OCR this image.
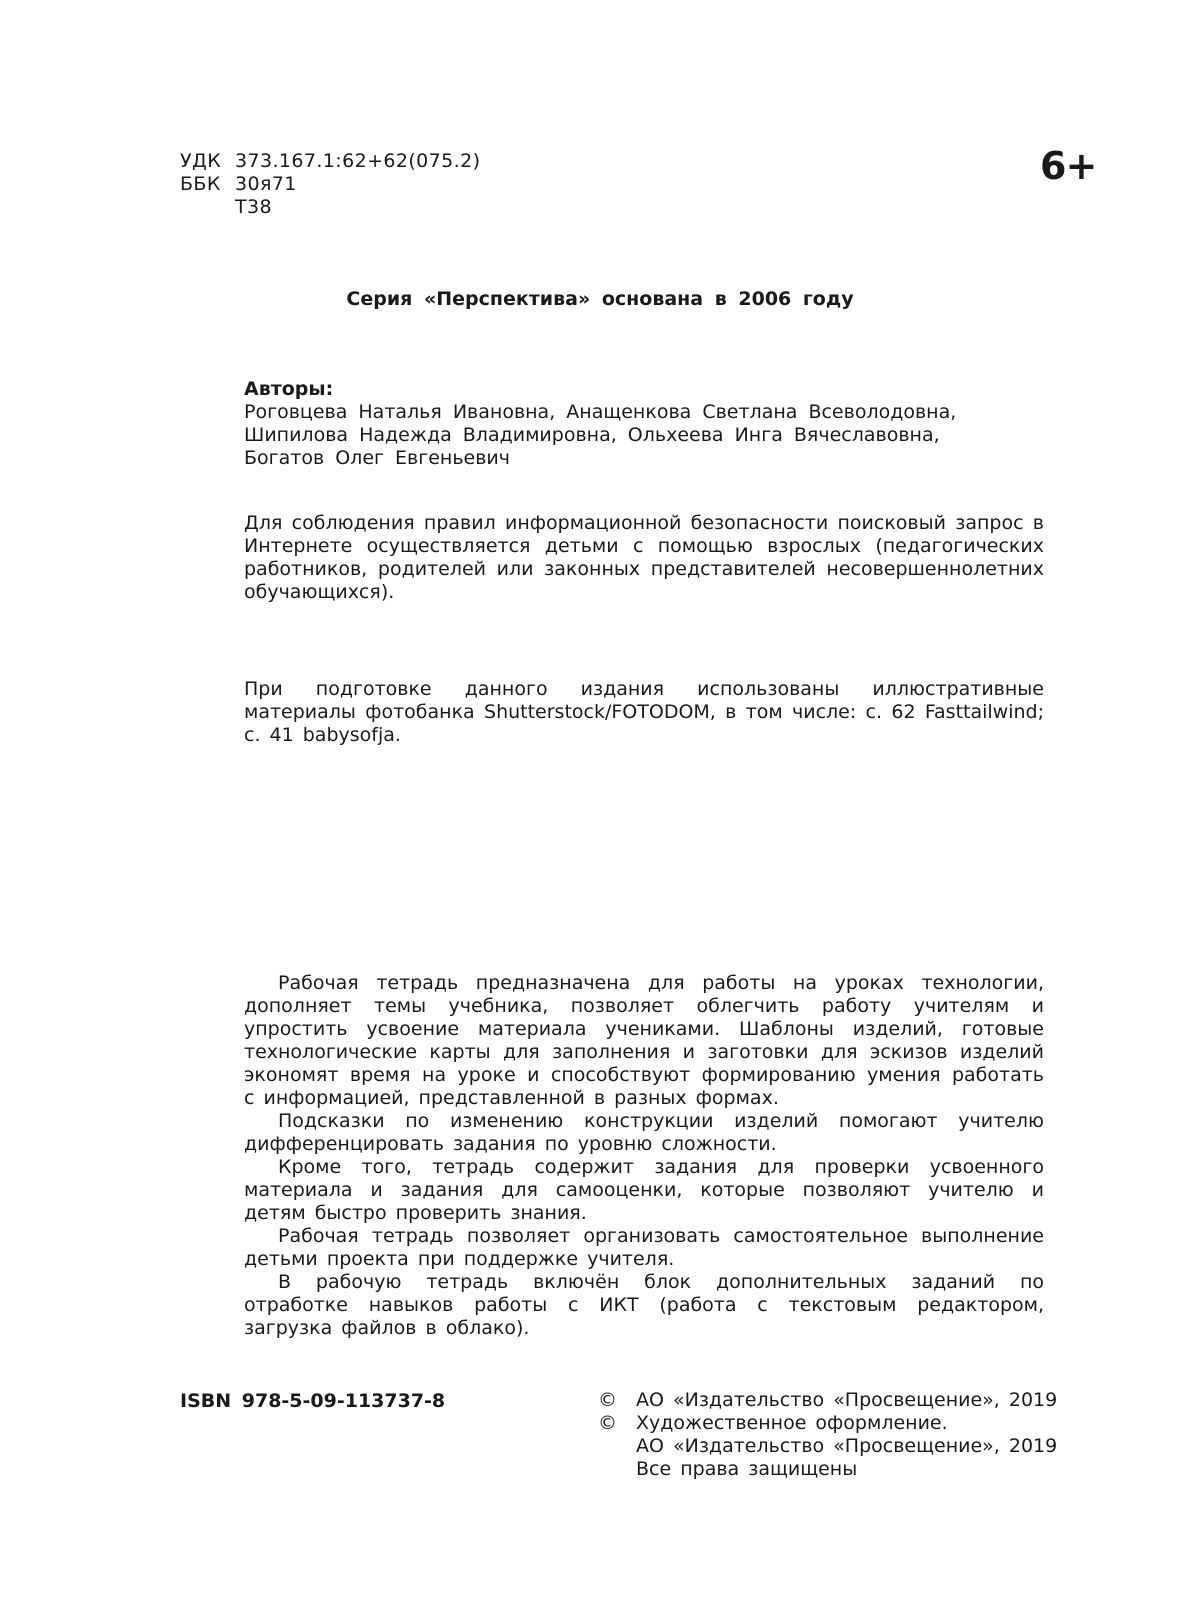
УДК 373.167.1:62+62(075.2)
ББК 30я71
Т38
6+
Серия «Перспектива» основана в 2006 году
Авторы:
Роговцева Наталья Ивановна, Анащенкова Светлана Всеволодовна,
Шипилова Надежда Владимировна, Ольхеева Инга Вячеславовна,
Богатов Олег Евгеньевич
Для соблюдения правил информационной безопасности поисковый запрос в Интернете осуществляется детьми с помощью взрослых (педагогических работников, родителей или законных представителей несовершеннолетних обучающихся).
При подготовке данного издания использованы иллюстративные материалы фотобанка Shutterstock/FOTODOM, в том числе: с. 62 Fasttailwind; с. 41 babysofja.
Рабочая тетрадь предназначена для работы на уроках технологии, дополняет темы учебника, позволяет облегчить работу учителям и упростить усвоение материала учениками. Шаблоны изделий, готовые технологические карты для заполнения и заготовки для эскизов изделий экономят время на уроке и способствуют формированию умения работать с информацией, представленной в разных формах.
Подсказки по изменению конструкции изделий помогают учителю дифференцировать задания по уровню сложности.
Кроме того, тетрадь содержит задания для проверки усвоенного материала и задания для самооценки, которые позволяют учителю и детям быстро проверить знания.
Рабочая тетрадь позволяет организовать самостоятельное выполнение детьми проекта при поддержке учителя.
В рабочую тетрадь включён блок дополнительных заданий по отработке навыков работы с ИКТ (работа с текстовым редактором, загрузка файлов в облако).
ISBN 978-5-09-113737-8	©	АО «Издательство «Просвещение», 2019
©	Художественное оформление.
АО «Издательство «Просвещение», 2019
Все права защищены
